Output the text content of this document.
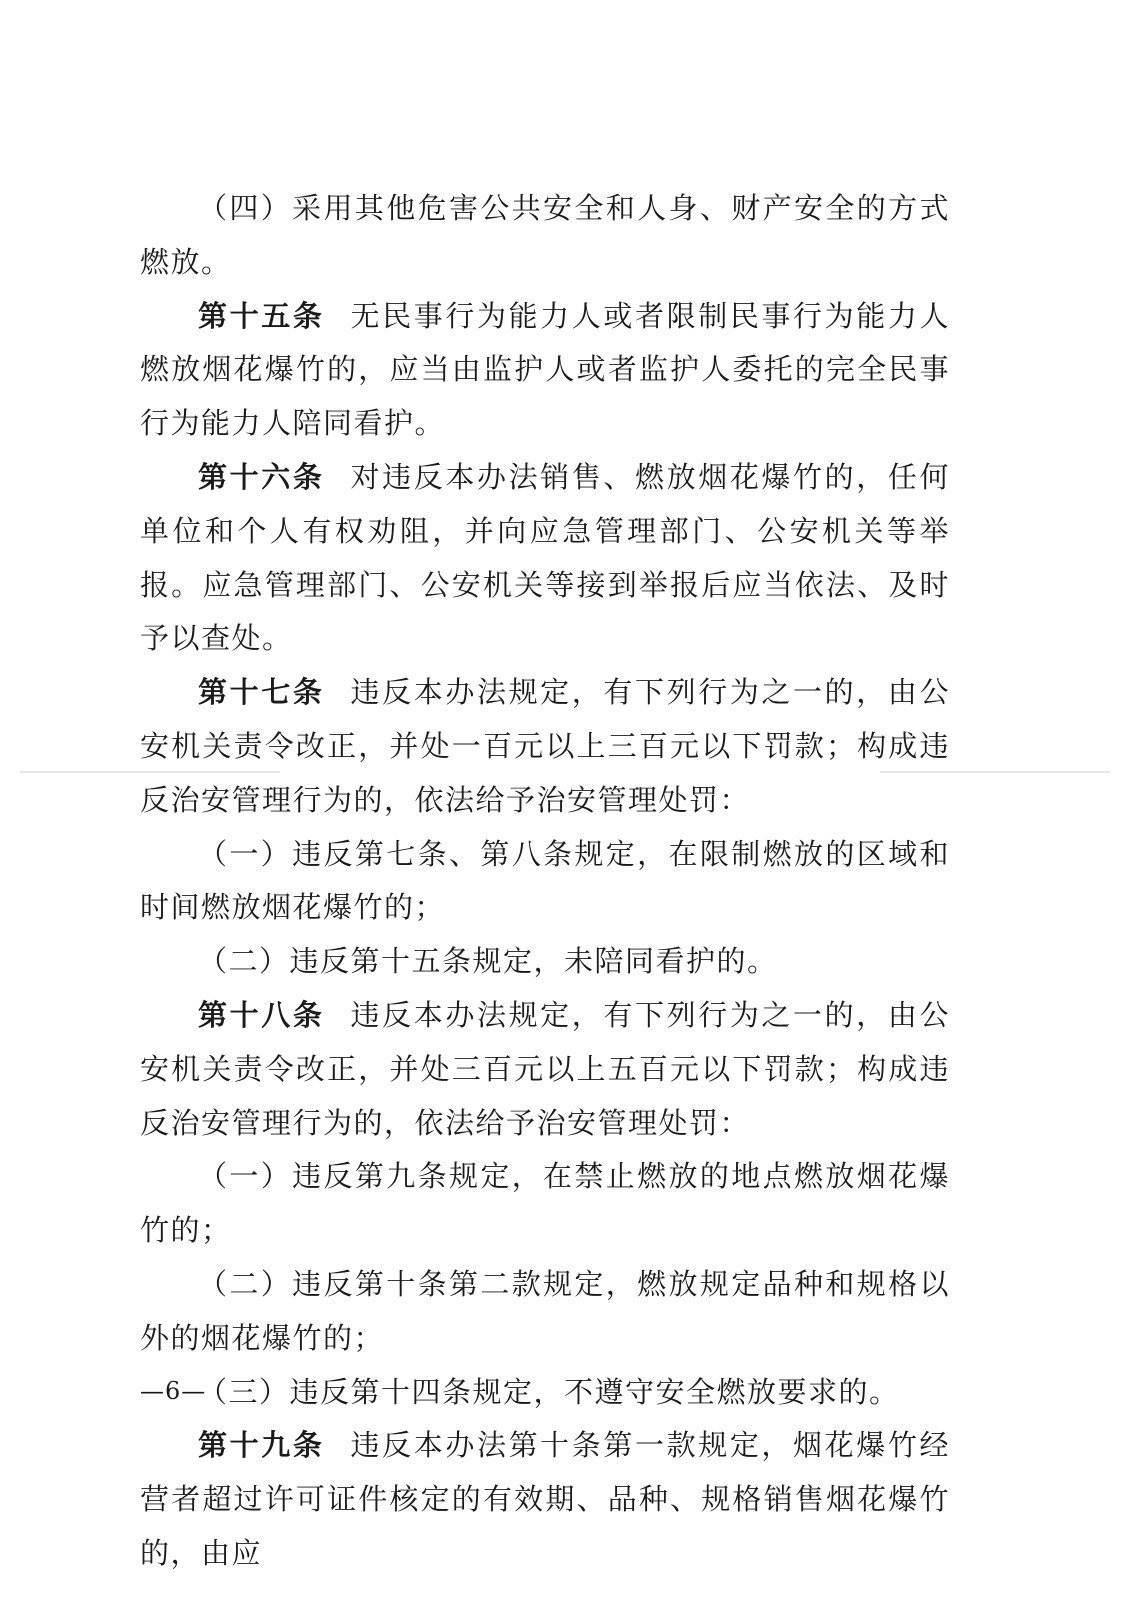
（四）采用其他危害公共安全和人身、财产安全的方式燃放。

第十五条 无民事行为能力人或者限制民事行为能力人燃放烟花爆竹的，应当由监护人或者监护人委托的完全民事行为能力人陪同看护。

第十六条 对违反本办法销售、燃放烟花爆竹的，任何单位和个人有权劝阻，并向应急管理部门、公安机关等举报。应急管理部门、公安机关等接到举报后应当依法、及时予以查处。

第十七条 违反本办法规定，有下列行为之一的，由公安机关责令改正，并处一百元以上三百元以下罚款；构成违反治安管理行为的，依法给予治安管理处罚：

（一）违反第七条、第八条规定，在限制燃放的区域和时间燃放烟花爆竹的；

（二）违反第十五条规定，未陪同看护的。

第十八条 违反本办法规定，有下列行为之一的，由公安机关责令改正，并处三百元以上五百元以下罚款；构成违反治安管理行为的，依法给予治安管理处罚：

（一）违反第九条规定，在禁止燃放的地点燃放烟花爆竹的；

（二）违反第十条第二款规定，燃放规定品种和规格以外的烟花爆竹的；

（三）违反第十四条规定，不遵守安全燃放要求的。

第十九条 违反本办法第十条第一款规定，烟花爆竹经营者超过许可证件核定的有效期、品种、规格销售烟花爆竹的，由应

—6—
